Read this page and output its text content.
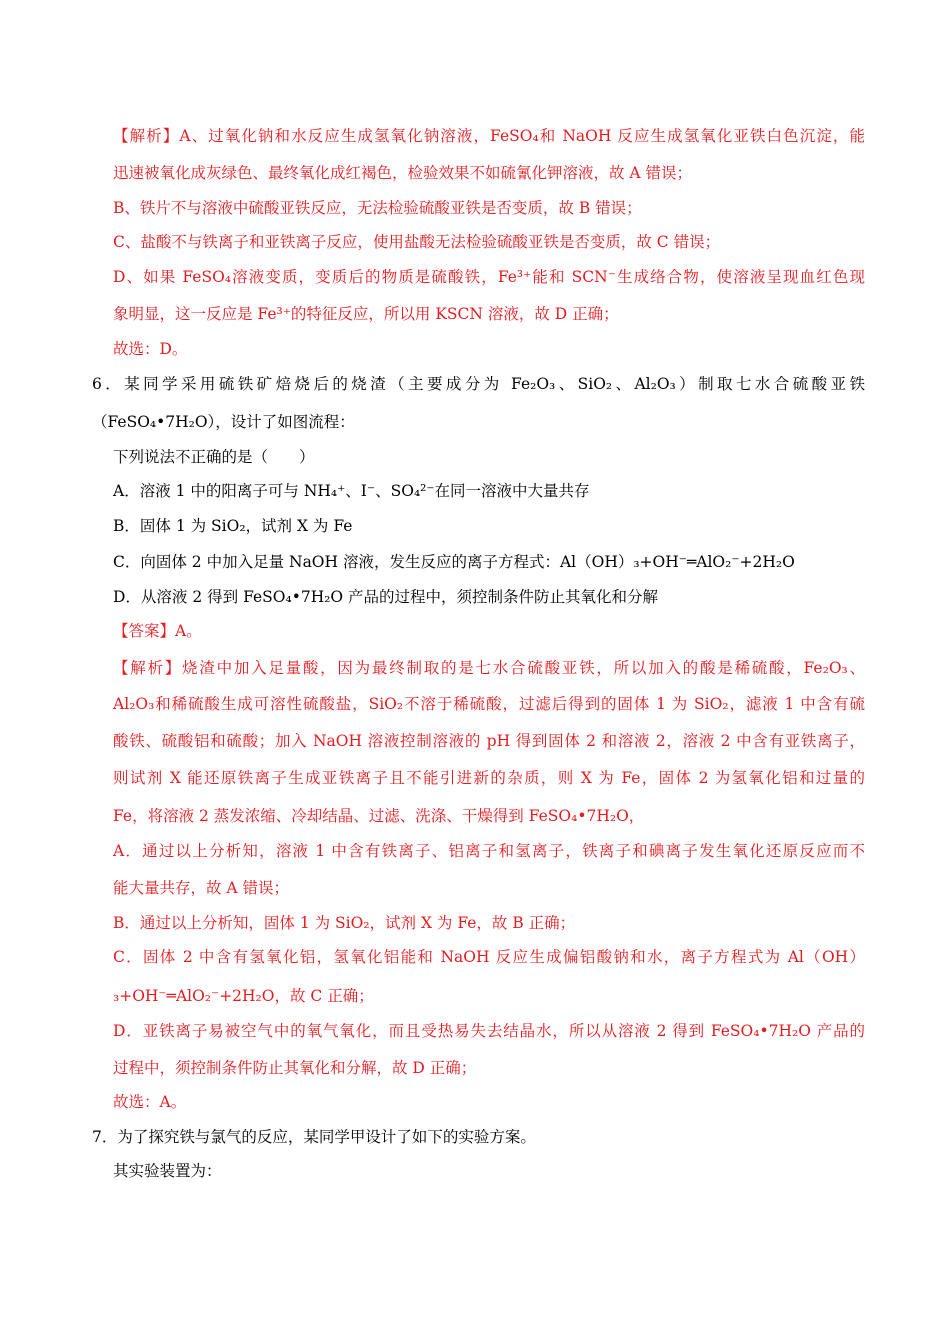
【解析】A、过氧化钠和水反应生成氢氧化钠溶液，FeSO₄和 NaOH 反应生成氢氧化亚铁白色沉淀，能
迅速被氧化成灰绿色、最终氧化成红褐色，检验效果不如硫氰化钾溶液，故 A 错误；
B、铁片不与溶液中硫酸亚铁反应，无法检验硫酸亚铁是否变质，故 B 错误；
C、盐酸不与铁离子和亚铁离子反应，使用盐酸无法检验硫酸亚铁是否变质，故 C 错误；
D、如果 FeSO₄溶液变质，变质后的物质是硫酸铁，Fe³⁺能和 SCN⁻生成络合物，使溶液呈现血红色现
象明显，这一反应是 Fe³⁺的特征反应，所以用 KSCN 溶液，故 D 正确；
故选：D。
6．某同学采用硫铁矿焙烧后的烧渣（主要成分为 Fe₂O₃、SiO₂、Al₂O₃）制取七水合硫酸亚铁
（FeSO₄•7H₂O），设计了如图流程：
下列说法不正确的是（　　）
A．溶液 1 中的阳离子可与 NH₄⁺、I⁻、SO₄²⁻在同一溶液中大量共存
B．固体 1 为 SiO₂，试剂 X 为 Fe
C．向固体 2 中加入足量 NaOH 溶液，发生反应的离子方程式：Al（OH）₃+OH⁻═AlO₂⁻+2H₂O
D．从溶液 2 得到 FeSO₄•7H₂O 产品的过程中，须控制条件防止其氧化和分解
【答案】A。
【解析】烧渣中加入足量酸，因为最终制取的是七水合硫酸亚铁，所以加入的酸是稀硫酸，Fe₂O₃、
Al₂O₃和稀硫酸生成可溶性硫酸盐，SiO₂不溶于稀硫酸，过滤后得到的固体 1 为 SiO₂，滤液 1 中含有硫
酸铁、硫酸铝和硫酸；加入 NaOH 溶液控制溶液的 pH 得到固体 2 和溶液 2，溶液 2 中含有亚铁离子，
则试剂 X 能还原铁离子生成亚铁离子且不能引进新的杂质，则 X 为 Fe，固体 2 为氢氧化铝和过量的
Fe，将溶液 2 蒸发浓缩、冷却结晶、过滤、洗涤、干燥得到 FeSO₄•7H₂O，
A．通过以上分析知，溶液 1 中含有铁离子、铝离子和氢离子，铁离子和碘离子发生氧化还原反应而不
能大量共存，故 A 错误；
B．通过以上分析知，固体 1 为 SiO₂，试剂 X 为 Fe，故 B 正确；
C．固体 2 中含有氢氧化铝，氢氧化铝能和 NaOH 反应生成偏铝酸钠和水，离子方程式为 Al（OH）
₃+OH⁻═AlO₂⁻+2H₂O，故 C 正确；
D．亚铁离子易被空气中的氧气氧化，而且受热易失去结晶水，所以从溶液 2 得到 FeSO₄•7H₂O 产品的
过程中，须控制条件防止其氧化和分解，故 D 正确；
故选：A。
7．为了探究铁与氯气的反应，某同学甲设计了如下的实验方案。
其实验装置为：
